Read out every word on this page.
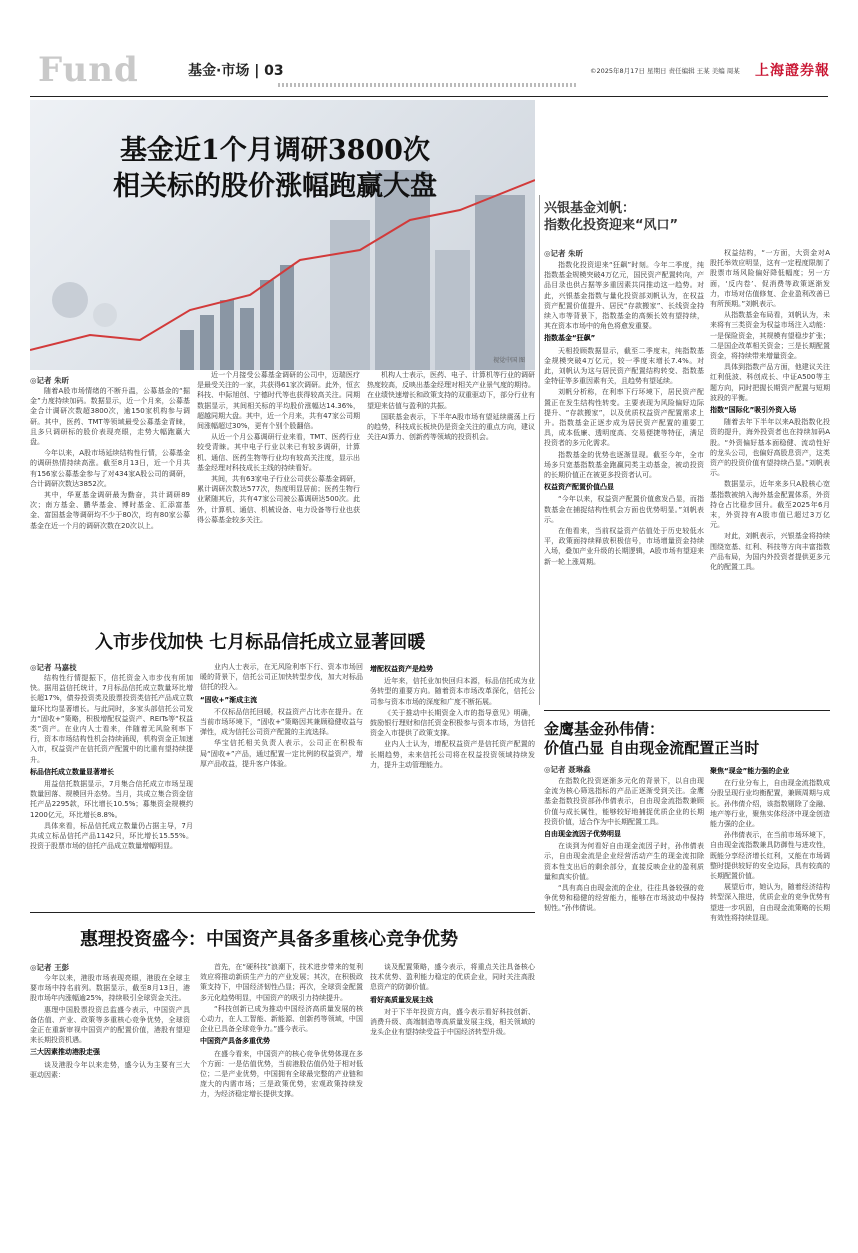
Fund	基金·市场 | 03	©2025年8月17日 星期日 责任编辑 王某 美编 周某 上海證券報
视觉中国 图
基金近1个月调研3800次
相关标的股价涨幅跑赢大盘
◎记者 朱昕
随着A股市场情绪的不断升温，公募基金的“掘金”力度持续加码。数据显示，近一个月来，公募基金合计调研次数超3800次，逾150家机构参与调研。其中，医药、TMT等领域最受公募基金青睐，且多只调研标的股价表现亮眼，走势大幅跑赢大盘。
今年以来，A股市场延续结构性行情，公募基金的调研热情持续高涨。截至8月13日，近一个月共有156家公募基金参与了对434家A股公司的调研，合计调研次数达3852次。
其中，华夏基金调研最为勤奋，共计调研89次；南方基金、鹏华基金、博时基金、汇添富基金、富国基金等调研均不少于80次，均有80家公募基金在近一个月的调研次数在20次以上。
近一个月接受公募基金调研的公司中，迈瑞医疗是最受关注的一家，共获得61家次调研。此外，恒玄科技、中际旭创、宁德时代等也获得较高关注。同期数据显示，其间相关标的平均股价涨幅达14.36%，超越同期大盘。其中，近一个月来，共有47家公司期间涨幅超过30%，更有个别个股翻倍。
从近一个月公募调研行业来看，TMT、医药行业较受青睐。其中电子行业以来已有较多调研，计算机、通信、医药生物等行业均有较高关注度，显示出基金经理对科技成长主线的持续看好。
其间，共有63家电子行业公司获公募基金调研，累计调研次数达577次，热度明显居前；医药生物行业紧随其后，共有47家公司被公募调研达500次。此外，计算机、通信、机械设备、电力设备等行业也获得公募基金较多关注。
机构人士表示，医药、电子、计算机等行业的调研热度较高，反映出基金经理对相关产业景气度的期待。在业绩快速增长和政策支持的双重驱动下，部分行业有望迎来估值与盈利的共振。
国联基金表示，下半年A股市场有望延续震荡上行的趋势，科技成长板块仍是资金关注的重点方向，建议关注AI算力、创新药等领域的投资机会。
兴银基金刘帆：
指数化投资迎来“风口”
◎记者 朱昕
指数化投资迎来“狂飙”时刻。今年二季度，纯指数基金规模突破4万亿元，国民资产配置转向，产品目录也供占据等多重因素共同推动这一趋势。对此，兴银基金指数与量化投资部刘帆认为，在权益资产配置价值提升、居民“存款搬家”、长线资金持续入市等背景下，指数基金的高频长效有望持续，其在资本市场中的角色将愈发重要。
指数基金“狂飙”
天相投顾数据显示，截至二季度末，纯指数基金规模突破4万亿元，较一季度末增长7.4%。对此，刘帆认为这与居民资产配置结构转变、指数基金特征等多重因素有关，且趋势有望延续。
刘帆分析称，在利率下行环境下，居民资产配置正在发生结构性转变。主要表现为风险偏好边际提升、“存款搬家”，以及优质权益资产配置需求上升。指数基金正逐步成为居民资产配置的重要工具，成本低廉、透明度高、交易便捷等特征，满足投资者的多元化需求。
指数基金的优势也逐渐显现。截至今年，全市场多只宽基指数基金跑赢同类主动基金，被动投资的长期价值正在被更多投资者认可。
权益资产配置价值凸显
“今年以来，权益资产配置价值愈发凸显，而指数基金在捕捉结构性机会方面也优势明显。”刘帆表示。
在他看来，当前权益资产估值处于历史较低水平，政策面持续释放积极信号，市场增量资金持续入场，叠加产业升级的长期逻辑，A股市场有望迎来新一轮上涨周期。
权益结构，“一方面，大资金对A股托举效应明显，这有一定程度限制了股票市场风险偏好降低幅度；另一方面，‘反内卷’、促消费等政策逐渐发力，市场对估值修复、企业盈利改善已有所预期。”刘帆表示。
从指数基金布局看，刘帆认为，未来将有三类资金为权益市场注入动能：一是保险资金，其规模有望稳步扩张；二是国企改革相关资金；三是长期配置资金，将持续带来增量资金。
具体到指数产品方面，他建议关注红利低波、科创成长、中证A500等主题方向，同时把握长期资产配置与短期波段的平衡。
指数“国际化”吸引外资入场
随着去年下半年以来A股指数化投资的提升，海外投资者也在持续加码A股。“外资偏好基本面稳健、流动性好的龙头公司，也偏好高股息资产，这类资产的投资价值有望持续凸显。”刘帆表示。
数据显示，近年来多只A股核心宽基指数被纳入海外基金配置体系，外资持仓占比稳步回升。截至2025年6月末，外资持有A股市值已超过3万亿元。
对此，刘帆表示，兴银基金将持续围绕宽基、红利、科技等方向丰富指数产品布局，为国内外投资者提供更多元化的配置工具。
入市步伐加快 七月标品信托成立显著回暖
◎记者 马嘉枝
结构性行情提振下，信托资金入市步伐有所加快。据用益信托统计，7月标品信托成立数量环比增长超17%，债券投资类及股票投资类信托产品成立数量环比均显著增长。与此同时，多家头部信托公司发力“固收+”策略，积极增配权益资产、REITs等“权益类”资产。在业内人士看来，伴随着无风险利率下行，资本市场结构性机会持续涌现，机构资金正加速入市，权益资产在信托资产配置中的比重有望持续提升。
标品信托成立数量显著增长
用益信托数据显示，7月集合信托成立市场呈现数量回落、规模回升态势。当月，共成立集合资金信托产品2295款，环比增长10.5%；募集资金规模约1200亿元，环比增长8.8%。
具体来看，标品信托成立数量仍占据主导，7月共成立标品信托产品1142只，环比增长15.55%。投资于股票市场的信托产品成立数量增幅明显。
业内人士表示，在无风险利率下行、资本市场回暖的背景下，信托公司正加快转型步伐，加大对标品信托的投入。
“固收+”渐成主流
不仅标品信托回暖，权益资产占比亦在提升。在当前市场环境下，“固收+”策略因其兼顾稳健收益与弹性，成为信托公司资产配置的主流选择。
华宝信托相关负责人表示，公司正在积极布局“固收+”产品，通过配置一定比例的权益资产，增厚产品收益，提升客户体验。
增配权益资产是趋势
近年来，信托业加快回归本源，标品信托成为业务转型的重要方向。随着资本市场改革深化，信托公司参与资本市场的深度和广度不断拓展。
《关于推动中长期资金入市的指导意见》明确，鼓励银行理财和信托资金积极参与资本市场，为信托资金入市提供了政策支撑。
业内人士认为，增配权益资产是信托资产配置的长期趋势，未来信托公司将在权益投资领域持续发力，提升主动管理能力。
金鹰基金孙伟倩：
价值凸显 自由现金流配置正当时
◎记者 聂琳淼
在指数化投资逐渐多元化的背景下，以自由现金流为核心筛选指标的产品正逐渐受到关注。金鹰基金指数投资部孙伟倩表示，自由现金流指数兼顾价值与成长属性，能够较好地捕捉优质企业的长期投资价值，适合作为中长期配置工具。
自由现金流因子优势明显
在谈到为何看好自由现金流因子时，孙伟倩表示，自由现金流是企业经营活动产生的现金流扣除资本性支出后的剩余部分，直接反映企业的盈利质量和真实价值。
“具有高自由现金流的企业，往往具备较强的竞争优势和稳健的经营能力，能够在市场波动中保持韧性。”孙伟倩说。
聚焦“现金”能力强的企业
在行业分布上，自由现金流指数成分股呈现行业均衡配置，兼顾周期与成长。孙伟倩介绍，该指数剔除了金融、地产等行业，聚焦实体经济中现金创造能力强的企业。
孙伟倩表示，在当前市场环境下，自由现金流指数兼具防御性与进攻性，既能分享经济增长红利，又能在市场调整时提供较好的安全边际，具有较高的长期配置价值。
展望后市，她认为，随着经济结构转型深入推进，优质企业的竞争优势有望进一步巩固，自由现金流策略的长期有效性将持续显现。
惠理投资盛今：中国资产具备多重核心竞争优势
◎记者 王彭
今年以来，港股市场表现亮眼，港股在全球主要市场中持名前列。数据显示，截至8月13日，港股市场年内涨幅逾25%，持续吸引全球资金关注。
惠理中国股票投资总监盛今表示，中国资产具备估值、产业、政策等多重核心竞争优势，全球资金正在重新审视中国资产的配置价值，港股有望迎来长期投资机遇。
三大因素推动港股走强
谈及港股今年以来走势，盛今认为主要有三大驱动因素：
首先，在“硬科技”浪潮下，技术进步带来的复利效应将推动新质生产力的产业发展；其次，在积极政策支持下，中国经济韧性凸显；再次，全球资金配置多元化趋势明显，中国资产的吸引力持续提升。
“科技创新已成为推动中国经济高质量发展的核心动力，在人工智能、新能源、创新药等领域，中国企业已具备全球竞争力。”盛今表示。
中国资产具备多重优势
在盛今看来，中国资产的核心竞争优势体现在多个方面：一是估值优势，当前港股估值仍处于相对低位；二是产业优势，中国拥有全球最完整的产业链和庞大的内需市场；三是政策优势，宏观政策持续发力，为经济稳定增长提供支撑。
谈及配置策略，盛今表示，将重点关注具备核心技术优势、盈利能力稳定的优质企业，同时关注高股息资产的防御价值。
看好高质量发展主线
对于下半年投资方向，盛今表示看好科技创新、消费升级、高端制造等高质量发展主线，相关领域的龙头企业有望持续受益于中国经济转型升级。
